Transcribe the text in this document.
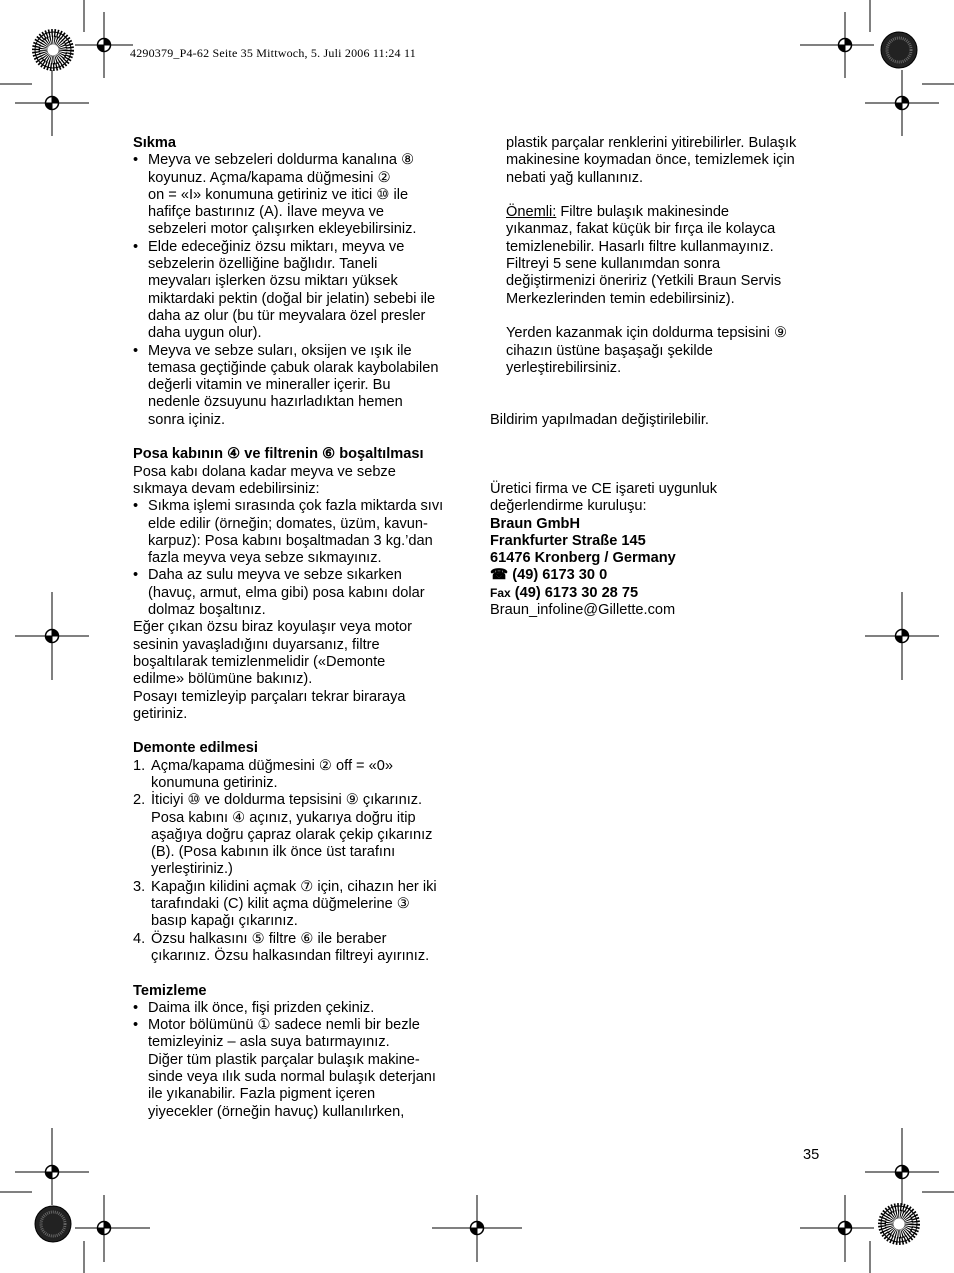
4290379_P4-62 Seite 35 Mittwoch, 5. Juli 2006 11:24 11

Sıkma

• Meyva ve sebzeleri doldurma kanalına ⑧

koyunuz. Açma/kapama düğmesini ②

on = «I» konumuna getiriniz ve itici ⑩ ile

hafifçe bastırınız (A). İlave meyva ve

sebzeleri motor çalışırken ekleyebilirsiniz.

• Elde edeceğiniz özsu miktarı, meyva ve

sebzelerin özelliğine bağlıdır. Taneli

meyvaları işlerken özsu miktarı yüksek

miktardaki pektin (doğal bir jelatin) sebebi ile

daha az olur (bu tür meyvalara özel presler

daha uygun olur).

• Meyva ve sebze suları, oksijen ve ışık ile

temasa geçtiğinde çabuk olarak kaybolabilen

değerli vitamin ve mineraller içerir. Bu

nedenle özsuyunu hazırladıktan hemen

sonra içiniz.

Posa kabının ④ ve filtrenin ⑥ boşaltılması

Posa kabı dolana kadar meyva ve sebze

sıkmaya devam edebilirsiniz:

• Sıkma işlemi sırasında çok fazla miktarda sıvı

elde edilir (örneğin; domates, üzüm, kavun-

karpuz): Posa kabını boşaltmadan 3 kg.’dan

fazla meyva veya sebze sıkmayınız.

• Daha az sulu meyva ve sebze sıkarken

(havuç, armut, elma gibi) posa kabını dolar

dolmaz boşaltınız.

Eğer çıkan özsu biraz koyulaşır veya motor

sesinin yavaşladığını duyarsanız, filtre

boşaltılarak temizlenmelidir («Demonte

edilme» bölümüne bakınız).

Posayı temizleyip parçaları tekrar biraraya

getiriniz.

Demonte edilmesi

1. Açma/kapama düğmesini ② off = «0»

konumuna getiriniz.

2. İticiyi ⑩ ve doldurma tepsisini ⑨ çıkarınız.

Posa kabını ④ açınız, yukarıya doğru itip

aşağıya doğru çapraz olarak çekip çıkarınız

(B). (Posa kabının ilk önce üst tarafını

yerleştiriniz.)

3. Kapağın kilidini açmak ⑦ için, cihazın her iki

tarafındaki (C) kilit açma düğmelerine ③

basıp kapağı çıkarınız.

4. Özsu halkasını ⑤ filtre ⑥ ile beraber

çıkarınız. Özsu halkasından filtreyi ayırınız.

Temizleme

• Daima ilk önce, fişi prizden çekiniz.

• Motor bölümünü ① sadece nemli bir bezle

temizleyiniz – asla suya batırmayınız.

Diğer tüm plastik parçalar bulaşık makine-

sinde veya ılık suda normal bulaşık deterjanı

ile yıkanabilir. Fazla pigment içeren

yiyecekler (örneğin havuç) kullanılırken,

plastik parçalar renklerini yitirebilirler. Bulaşık

makinesine koymadan önce, temizlemek için

nebati yağ kullanınız.

Önemli: Filtre bulaşık makinesinde

yıkanmaz, fakat küçük bir fırça ile kolayca

temizlenebilir. Hasarlı filtre kullanmayınız.

Filtreyi 5 sene kullanımdan sonra

değiştirmenizi öneririz (Yetkili Braun Servis

Merkezlerinden temin edebilirsiniz).

Yerden kazanmak için doldurma tepsisini ⑨

cihazın üstüne başaşağı şekilde

yerleştirebilirsiniz.

Bildirim yapılmadan değiştirilebilir.

Üretici firma ve CE işareti uygunluk

değerlendirme kuruluşu:

Braun GmbH

Frankfurter Straße 145

61476 Kronberg / Germany

☎ (49) 6173 30 0

Fax (49) 6173 30 28 75

Braun_infoline@Gillette.com

35
